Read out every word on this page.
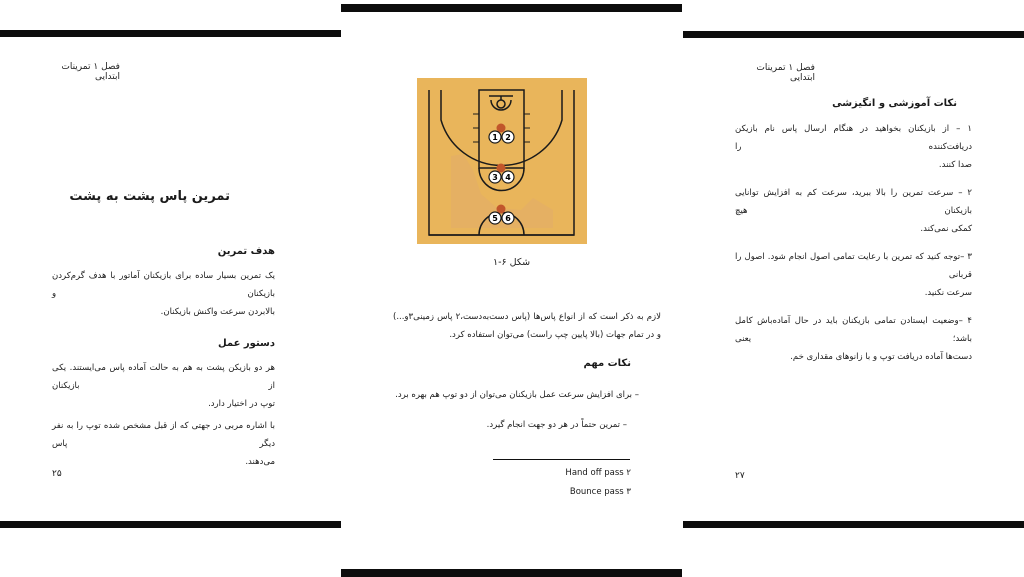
فصل ۱ تمرینات ابتدایی
تمرین پاس پشت به پشت
هدف تمرین
یک تمرین بسیار ساده برای بازیکنان آماتور با هدف گرم‌کردن بازیکنان و
بالابردن سرعت واکنش بازیکنان.
دستور عمل
هر دو بازیکن پشت به هم به حالت آماده پاس می‌ایستند. یکی از بازیکنان
توپ در اختیار دارد.
با اشاره مربی در جهتی که از قبل مشخص شده توپ را به نفر دیگر پاس
می‌دهند.
۲۵
1 2
3 4
5 6
شکل ۶-۱
لازم به ذکر است که از انواع پاس‌ها (پاس دست‌به‌دست،۲ پاس زمینی۳و...)
و در تمام جهات (بالا پایین چپ راست) می‌توان استفاده کرد.
نکات مهم
– برای افزایش سرعت عمل بازیکنان می‌توان از دو توپ هم بهره برد.
– تمرین حتماً در هر دو جهت انجام گیرد.
Hand off pass ۲
Bounce pass ۳
فصل ۱ تمرینات ابتدایی
نکات آموزشی و انگیزشی
۱ – از بازیکنان بخواهید در هنگام ارسال پاس نام بازیکن دریافت‌کننده را
صدا کنند.
۲ – سرعت تمرین را بالا ببرید، سرعت کم به افزایش توانایی بازیکنان هیچ
کمکی نمی‌کند.
۳ –توجه کنید که تمرین با رعایت تمامی اصول انجام شود. اصول را قربانی
سرعت نکنید.
۴ –وضعیت ایستادن تمامی بازیکنان باید در حال آماده‌باش کامل باشد؛ یعنی
دست‌ها آماده دریافت توپ و با زانوهای مقداری خم.
۲۷
